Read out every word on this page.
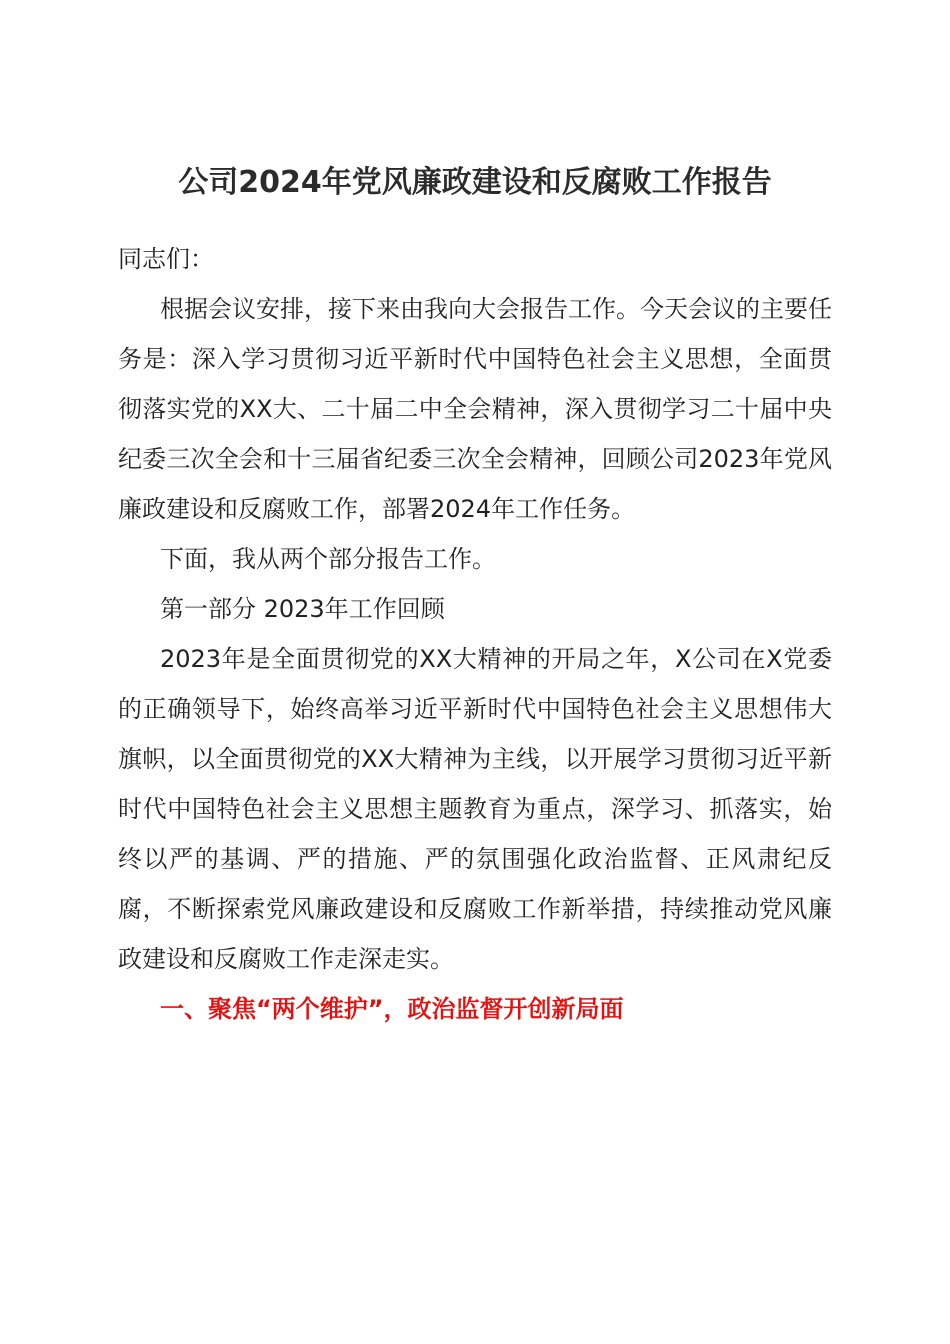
公司2024年党风廉政建设和反腐败工作报告

同志们：

根据会议安排，接下来由我向大会报告工作。今天会议的主要任务是：深入学习贯彻习近平新时代中国特色社会主义思想，全面贯彻落实党的XX大、二十届二中全会精神，深入贯彻学习二十届中央纪委三次全会和十三届省纪委三次全会精神，回顾公司2023年党风廉政建设和反腐败工作，部署2024年工作任务。

下面，我从两个部分报告工作。

第一部分 2023年工作回顾

2023年是全面贯彻党的XX大精神的开局之年，X公司在X党委的正确领导下，始终高举习近平新时代中国特色社会主义思想伟大旗帜，以全面贯彻党的XX大精神为主线，以开展学习贯彻习近平新时代中国特色社会主义思想主题教育为重点，深学习、抓落实，始终以严的基调、严的措施、严的氛围强化政治监督、正风肃纪反腐，不断探索党风廉政建设和反腐败工作新举措，持续推动党风廉政建设和反腐败工作走深走实。

一、聚焦“两个维护”，政治监督开创新局面
